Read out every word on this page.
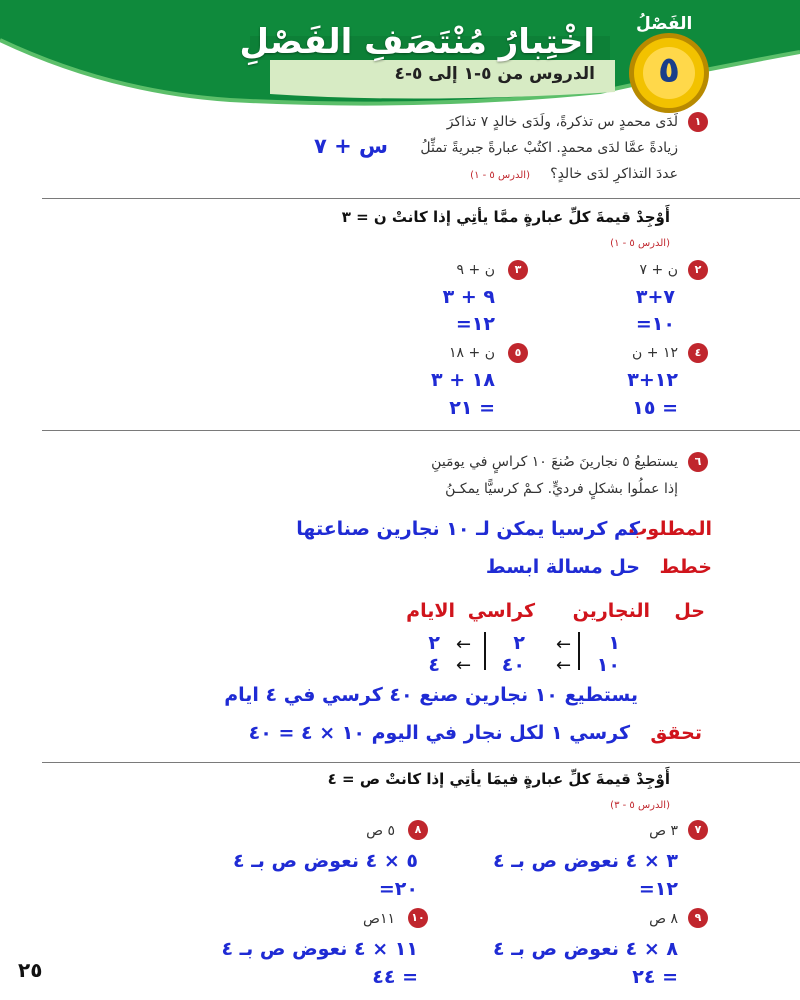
الفَصْلُ
٥
اخْتِبارُ مُنْتَصَفِ الفَصْلِ
الدروس من ٥-١ إلى ٥-٤
١
لَدَى محمدٍ س تذكرةً، ولَدَى خالدٍ ٧ تذاكرَ
زيادةً عمَّا لدَى محمدٍ. اكتُبْ عبارةً جبريةً تمثِّلُ
عددَ التذاكرِ لدَى خالدٍ؟
(الدرس ٥ - ١)
س + ٧
أَوْجِدْ قيمةَ كلِّ عبارةٍ ممَّا يأتِي إذا كانتْ ن = ٣
(الدرس ٥ - ١)
٢
ن + ٧
٧+٣
١٠=
٣
ن + ٩
٩ + ٣
١٢=
٤
١٢ + ن
١٢+٣
= ١٥
٥
ن + ١٨
١٨ + ٣
= ٢١
٦
يستطيعُ ٥ نجارينَ صُنعَ ١٠ كراسٍ في يومَينِ
إذا عملُوا بشكلٍ فرديٍّ. كـمْ كرسيًّا يمكـنُ
المطلوب
كم كرسيا يمكن لـ ١٠ نجارين صناعتها
خطط
حل مسالة ابسط
حل
النجارين
كراسي
الايام
١
١٠
←
←
٢
٤٠
←
←
٢
٤
يستطيع ١٠ نجارين صنع ٤٠ كرسي في ٤ ايام
تحقق
كرسي ١ لكل نجار في اليوم ١٠ × ٤ = ٤٠
أَوْجِدْ قيمةَ كلِّ عبارةٍ فيمَا يأتِي إذا كانتْ ص = ٤
(الدرس ٥ - ٣)
٧
٣ ص
٣ × ٤ نعوض ص بـ ٤
١٢=
٨
٥ ص
٥ × ٤ نعوض ص بـ ٤
٢٠=
٩
٨ ص
٨ × ٤ نعوض ص بـ ٤
= ٢٤
١٠
١١ص
١١ × ٤ نعوض ص بـ ٤
= ٤٤
٢٥
